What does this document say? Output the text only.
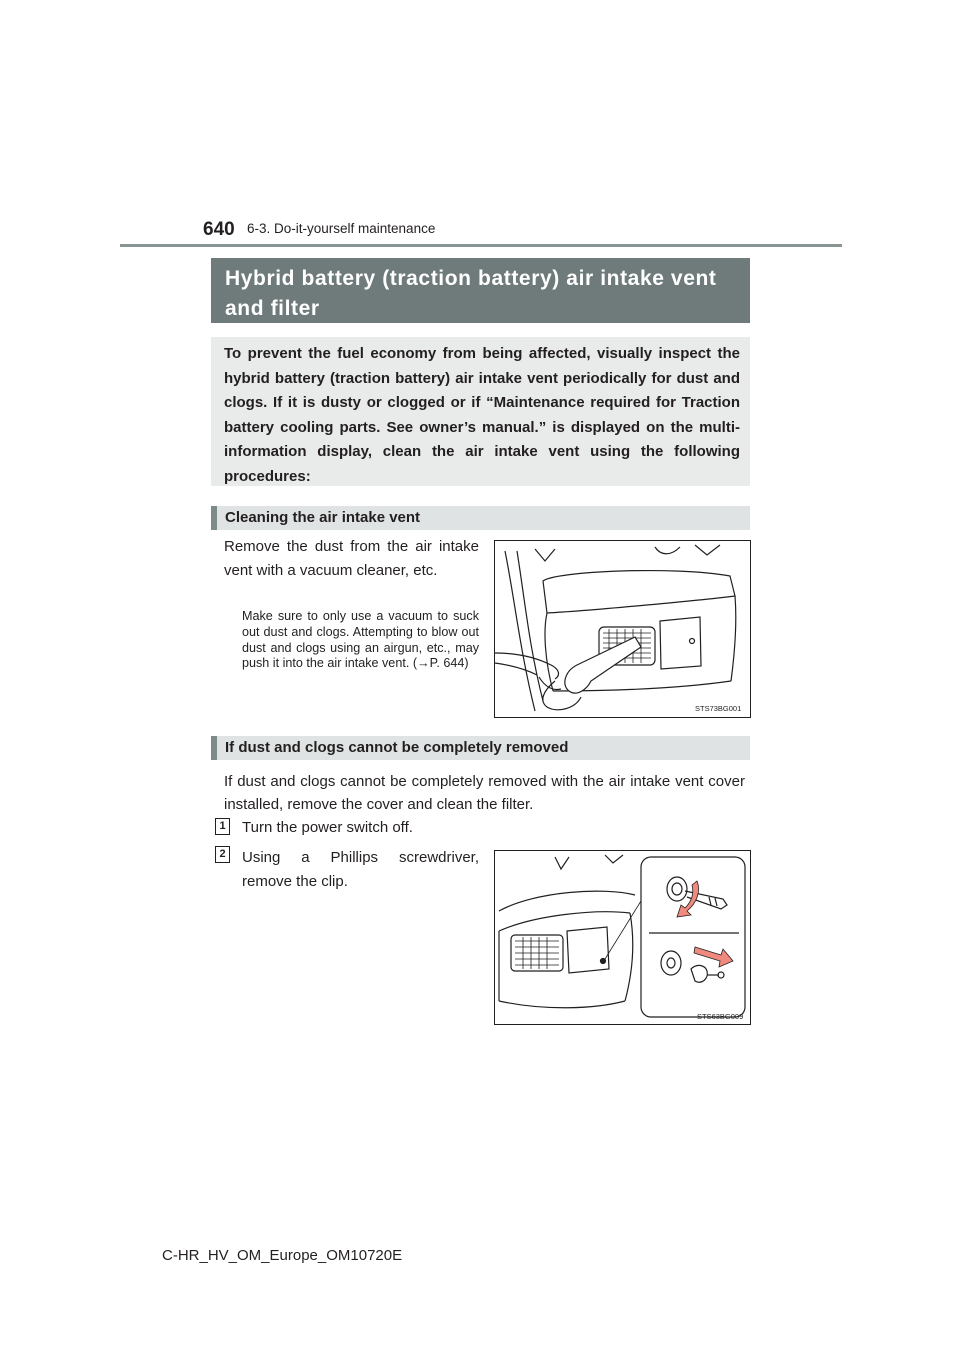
640 6-3. Do-it-yourself maintenance
Hybrid battery (traction battery) air intake vent and filter
To prevent the fuel economy from being affected, visually inspect the hybrid battery (traction battery) air intake vent periodically for dust and clogs. If it is dusty or clogged or if “Maintenance required for Traction battery cooling parts. See owner’s manual.” is displayed on the multi-information display, clean the air intake vent using the following procedures:
Cleaning the air intake vent
Remove the dust from the air intake vent with a vacuum cleaner, etc.
Make sure to only use a vacuum to suck out dust and clogs. Attempting to blow out dust and clogs using an airgun, etc., may push it into the air intake vent. (→P. 644)
STS73BG001
If dust and clogs cannot be completely removed
If dust and clogs cannot be completely removed with the air intake vent cover installed, remove the cover and clean the filter.
1 Turn the power switch off.
2 Using a Phillips screwdriver, remove the clip.
STS63BG009
C-HR_HV_OM_Europe_OM10720E
